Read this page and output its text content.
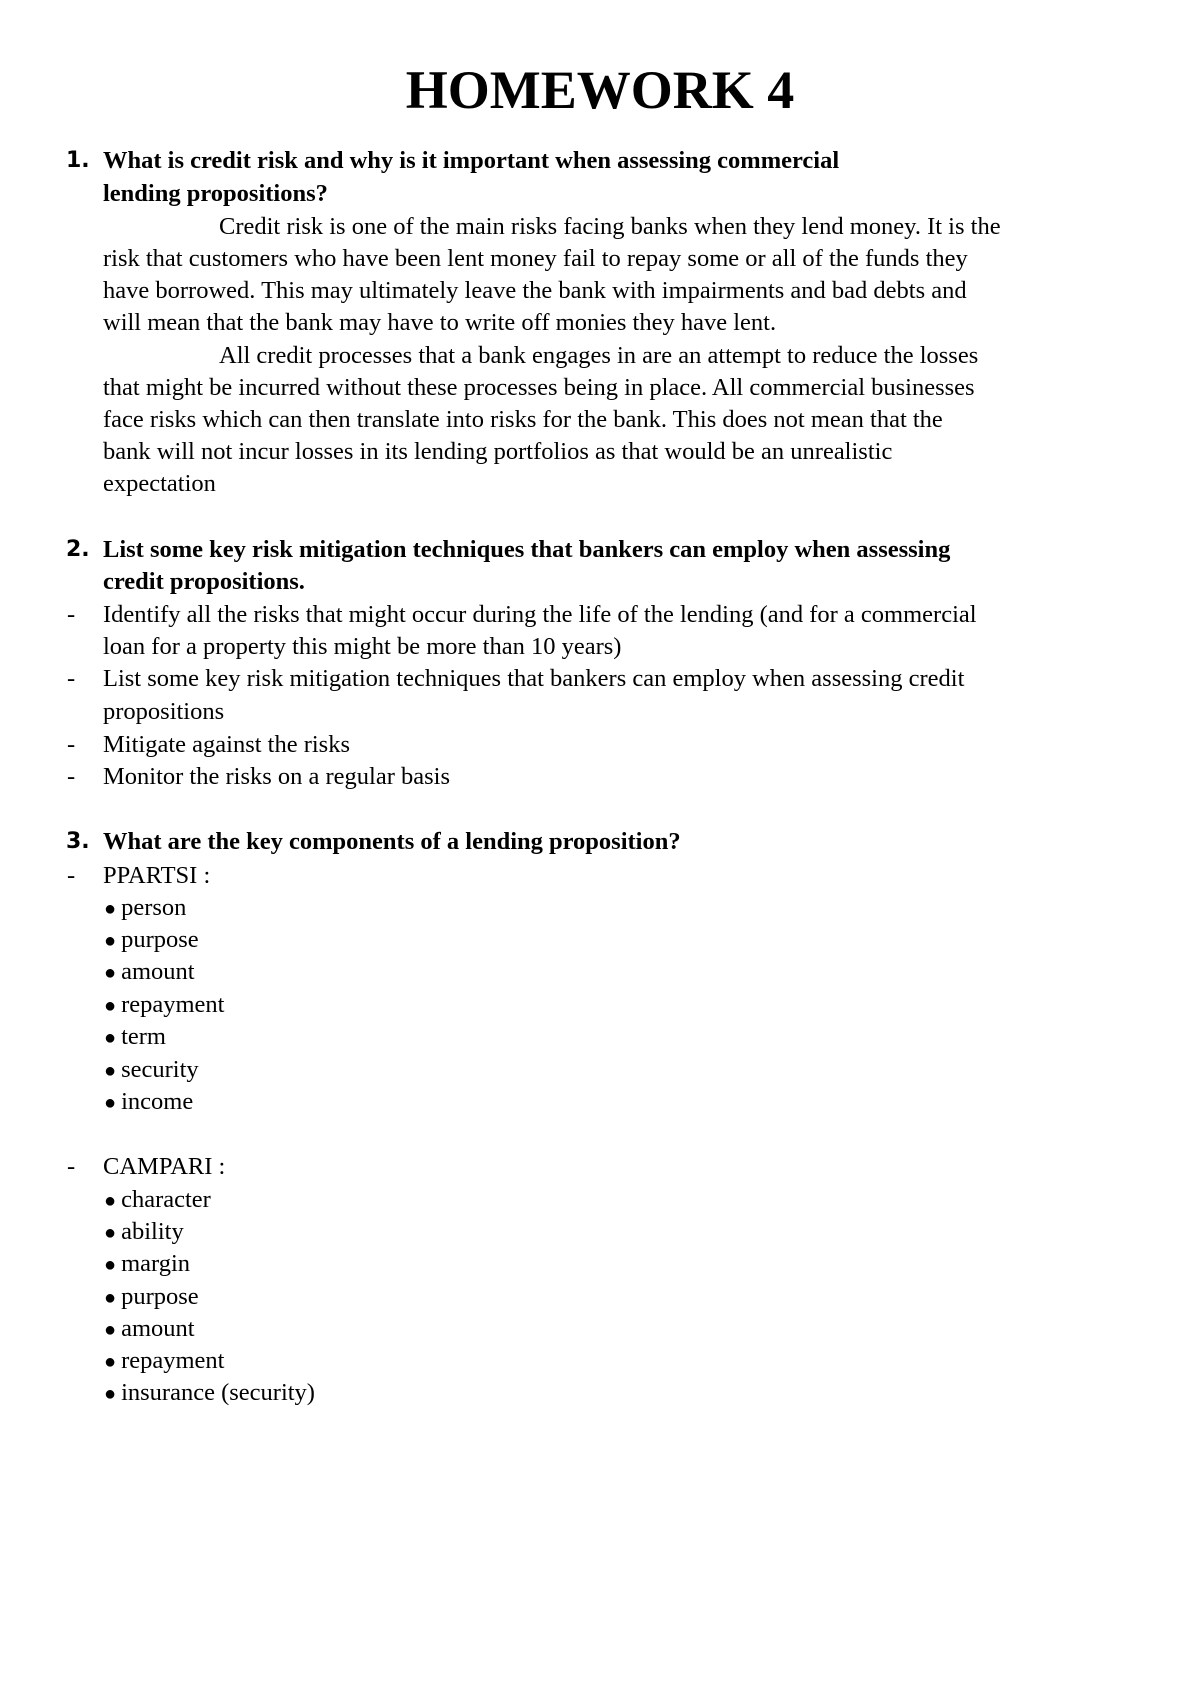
HOMEWORK 4
1. What is credit risk and why is it important when assessing commercial
lending propositions?
Credit risk is one of the main risks facing banks when they lend money. It is the
risk that customers who have been lent money fail to repay some or all of the funds they
have borrowed. This may ultimately leave the bank with impairments and bad debts and
will mean that the bank may have to write off monies they have lent.
All credit processes that a bank engages in are an attempt to reduce the losses
that might be incurred without these processes being in place. All commercial businesses
face risks which can then translate into risks for the bank. This does not mean that the
bank will not incur losses in its lending portfolios as that would be an unrealistic
expectation
2. List some key risk mitigation techniques that bankers can employ when assessing
credit propositions.
- Identify all the risks that might occur during the life of the lending (and for a commercial
loan for a property this might be more than 10 years)
- List some key risk mitigation techniques that bankers can employ when assessing credit
propositions
- Mitigate against the risks
- Monitor the risks on a regular basis
3. What are the key components of a lending proposition?
- PPARTSI :
● person
● purpose
● amount
● repayment
● term
● security
● income
- CAMPARI :
● character
● ability
● margin
● purpose
● amount
● repayment
● insurance (security)
